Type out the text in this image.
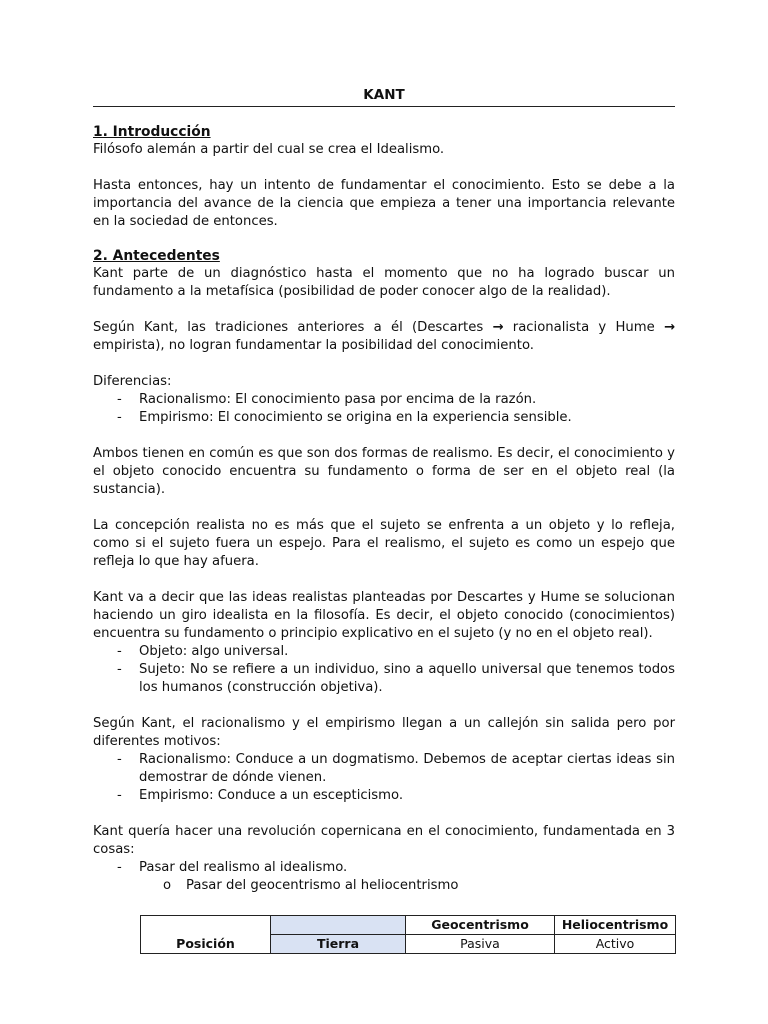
KANT
1. Introducción

Filósofo alemán a partir del cual se crea el Idealismo.

Hasta entonces, hay un intento de fundamentar el conocimiento. Esto se debe a la importancia del avance de la ciencia que empieza a tener una importancia relevante en la sociedad de entonces.

2. Antecedentes

Kant parte de un diagnóstico hasta el momento que no ha logrado buscar un fundamento a la metafísica (posibilidad de poder conocer algo de la realidad).

Según Kant, las tradiciones anteriores a él (Descartes → racionalista y Hume → empirista), no logran fundamentar la posibilidad del conocimiento.

Diferencias:

- Racionalismo: El conocimiento pasa por encima de la razón.
- Empirismo: El conocimiento se origina en la experiencia sensible.

Ambos tienen en común es que son dos formas de realismo. Es decir, el conocimiento y el objeto conocido encuentra su fundamento o forma de ser en el objeto real (la sustancia).

La concepción realista no es más que el sujeto se enfrenta a un objeto y lo refleja, como si el sujeto fuera un espejo. Para el realismo, el sujeto es como un espejo que refleja lo que hay afuera.

Kant va a decir que las ideas realistas planteadas por Descartes y Hume se solucionan haciendo un giro idealista en la filosofía. Es decir, el objeto conocido (conocimientos) encuentra su fundamento o principio explicativo en el sujeto (y no en el objeto real).

- Objeto: algo universal.
- Sujeto: No se refiere a un individuo, sino a aquello universal que tenemos todos los humanos (construcción objetiva).

Según Kant, el racionalismo y el empirismo llegan a un callejón sin salida pero por diferentes motivos:

- Racionalismo: Conduce a un dogmatismo. Debemos de aceptar ciertas ideas sin demostrar de dónde vienen.
- Empirismo: Conduce a un escepticismo.

Kant quería hacer una revolución copernicana en el conocimiento, fundamentada en 3 cosas:

- Pasar del realismo al idealismo.
o Pasar del geocentrismo al heliocentrismo
Posición		Geocentrismo	Heliocentrismo
	Tierra	Pasiva	Activo
